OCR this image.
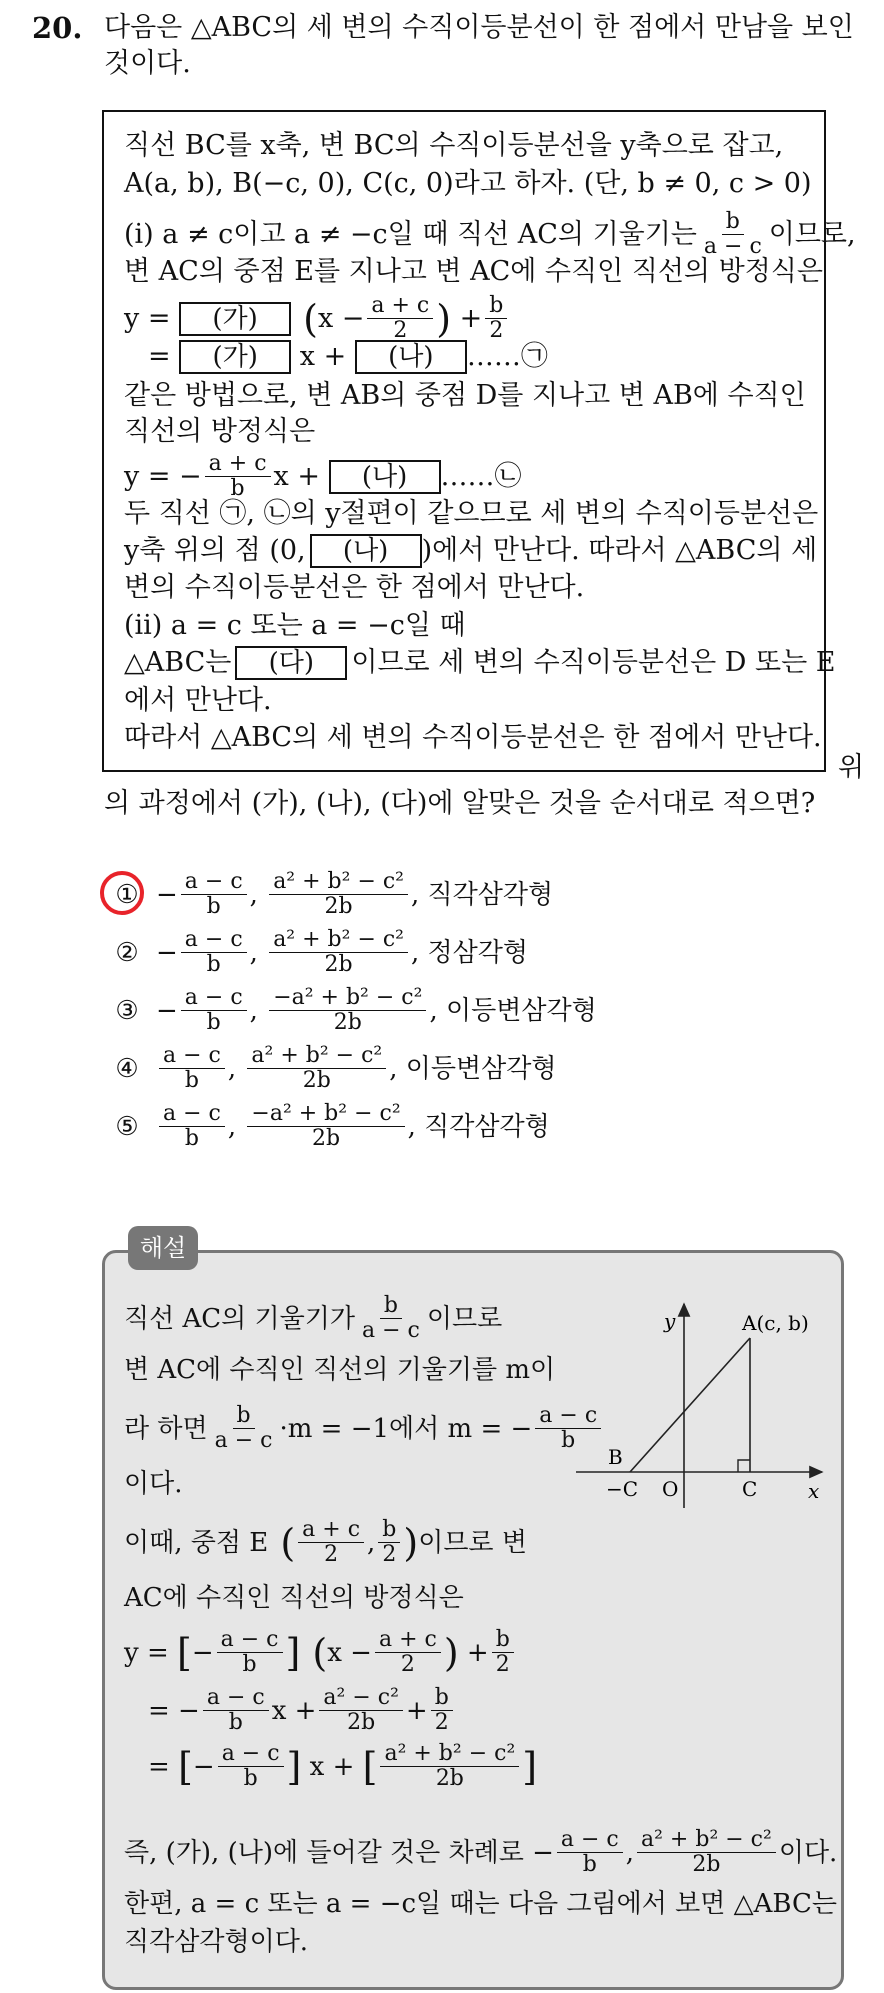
20. 다음은 △ABC의 세 변의 수직이등분선이 한 점에서 만남을 보인
것이다.
직선 BC를 x축, 변 BC의 수직이등분선을 y축으로 잡고,
A(a, b), B(−c, 0), C(c, 0)라고 하자. (단, b ≠ 0, c > 0)
(ⅰ) a ≠ c이고 a ≠ −c일 때 직선 AC의 기울기는 $\frac{b}{a - c}$ 이므로,
변 AC의 중점 E를 지나고 변 AC에 수직인 직선의 방정식은
y =	(가) ( $x - \frac{a + c}{2}$ ) + $\frac{b}{2}$
=	(가)	x +	(나)	…… ㉠
같은 방법으로, 변 AB의 중점 D를 지나고 변 AB에 수직인
직선의 방정식은
y = − $\frac{a + c}{b}$ x +	(나)	…… ㉡
두 직선 ㉠, ㉡의 y절편이 같으므로 세 변의 수직이등분선은
y축 위의 점 (0,	(나)	)에서 만난다. 따라서 △ABC의 세
변의 수직이등분선은 한 점에서 만난다.
(ⅱ) a = c 또는 a = −c일 때
△ABC는	(다)	이므로 세 변의 수직이등분선은 D 또는 E
에서 만난다.
따라서 △ABC의 세 변의 수직이등분선은 한 점에서 만난다.
위
의 과정에서 (가), (나), (다)에 알맞은 것을 순서대로 적으면?
① − $\frac{a - c}{b}$ , $\frac{\text{a² + b² − c²}}{2b}$ , 직각삼각형
② − $\frac{a - c}{b}$ , $\frac{\text{a² + b² − c²}}{2b}$ , 정삼각형
③ − $\frac{a - c}{b}$ , $\frac{\text{−a² + b² − c²}}{2b}$ , 이등변삼각형
④ $\frac{a - c}{b}$ , $\frac{\text{a² + b² − c²}}{2b}$ , 이등변삼각형
⑤ $\frac{a - c}{b}$ , $\frac{\text{−a² + b² − c²}}{2b}$ , 직각삼각형
해설
직선 AC의 기울기가 $\frac{b}{a - c}$ 이므로
변 AC에 수직인 직선의 기울기를 m이
라 하면 $\frac{b}{a - c} \cdot m = -1$에서 m = − $\frac{a - c}{b}$
이다.
이때, 중점 E ( $\frac{a + c}{2}$ , $\frac{b}{2}$ ) 이므로 변
AC에 수직인 직선의 방정식은
y = [ − $\frac{a - c}{b}$ ] ( $x - \frac{a + c}{2}$ ) + $\frac{b}{2}$
= − $\frac{a - c}{b}$ $x + \frac{\text{a² − c²}}{2b} + \frac{b}{2}$
= [ − $\frac{a - c}{b}$ ] x + [ $\frac{\text{a² + b² − c²}}{2b}$ ]
즉, (가), (나)에 들어갈 것은 차례로 − $\frac{a - c}{b}$ , $\frac{\text{a² + b² − c²}}{2b}$ 이다.
한편, a = c 또는 a = −c일 때는 다음 그림에서 보면 △ABC는
직각삼각형이다.
y
x
A(c, b)
B
−C O	C
